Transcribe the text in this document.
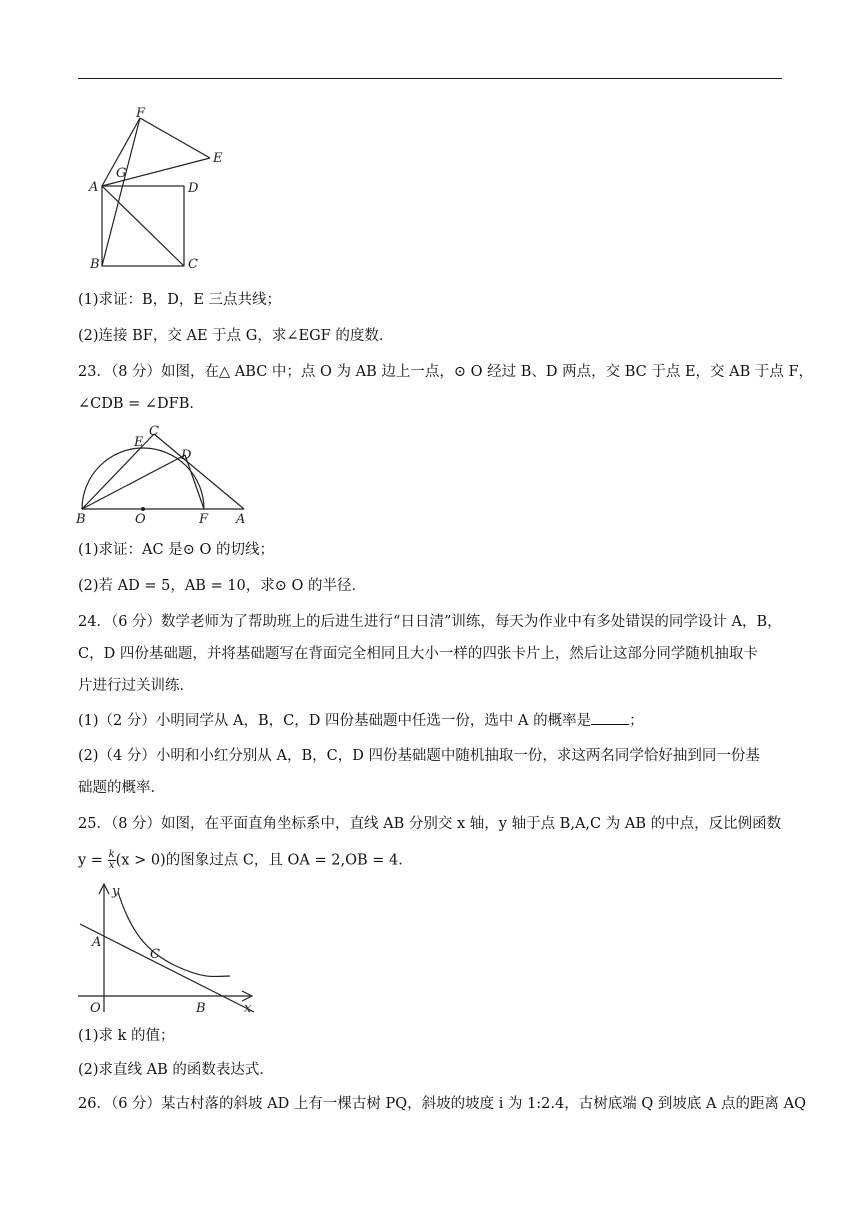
F
E
G
A	D
B	C
(1)求证：B，D，E 三点共线；
(2)连接 BF，交 AE 于点 G，求∠EGF 的度数．
23．（8 分）如图，在△ ABC 中；点 O 为 AB 边上一点，⊙ O 经过 B、D 两点，交 BC 于点 E，交 AB 于点 F，
∠CDB = ∠DFB．
E
C
D
B	O	F A
(1)求证：AC 是⊙ O 的切线；
(2)若 AD = 5，AB = 10，求⊙ O 的半径．
24．（6 分）数学老师为了帮助班上的后进生进行“日日清”训练，每天为作业中有多处错误的同学设计 A，B，
C，D 四份基础题，并将基础题写在背面完全相同且大小一样的四张卡片上，然后让这部分同学随机抽取卡
片进行过关训练．
(1)（2 分）小明同学从 A，B，C，D 四份基础题中任选一份，选中 A 的概率是	；
(2)（4 分）小明和小红分别从 A，B，C，D 四份基础题中随机抽取一份，求这两名同学恰好抽到同一份基
础题的概率．
25．（8 分）如图，在平面直角坐标系中，直线 AB 分别交 x 轴，y 轴于点 B,A,C 为 AB 的中点，反比例函数
$y = \frac{k}{x} (x > 0)$的图象过点 C，且 OA = 2,OB = 4．
y
A
C
O	B	x
(1)求 k 的值；
(2)求直线 AB 的函数表达式．
26．（6 分）某古村落的斜坡 AD 上有一棵古树 PQ，斜坡的坡度 i 为 1:2.4，古树底端 Q 到坡底 A 点的距离 AQ
